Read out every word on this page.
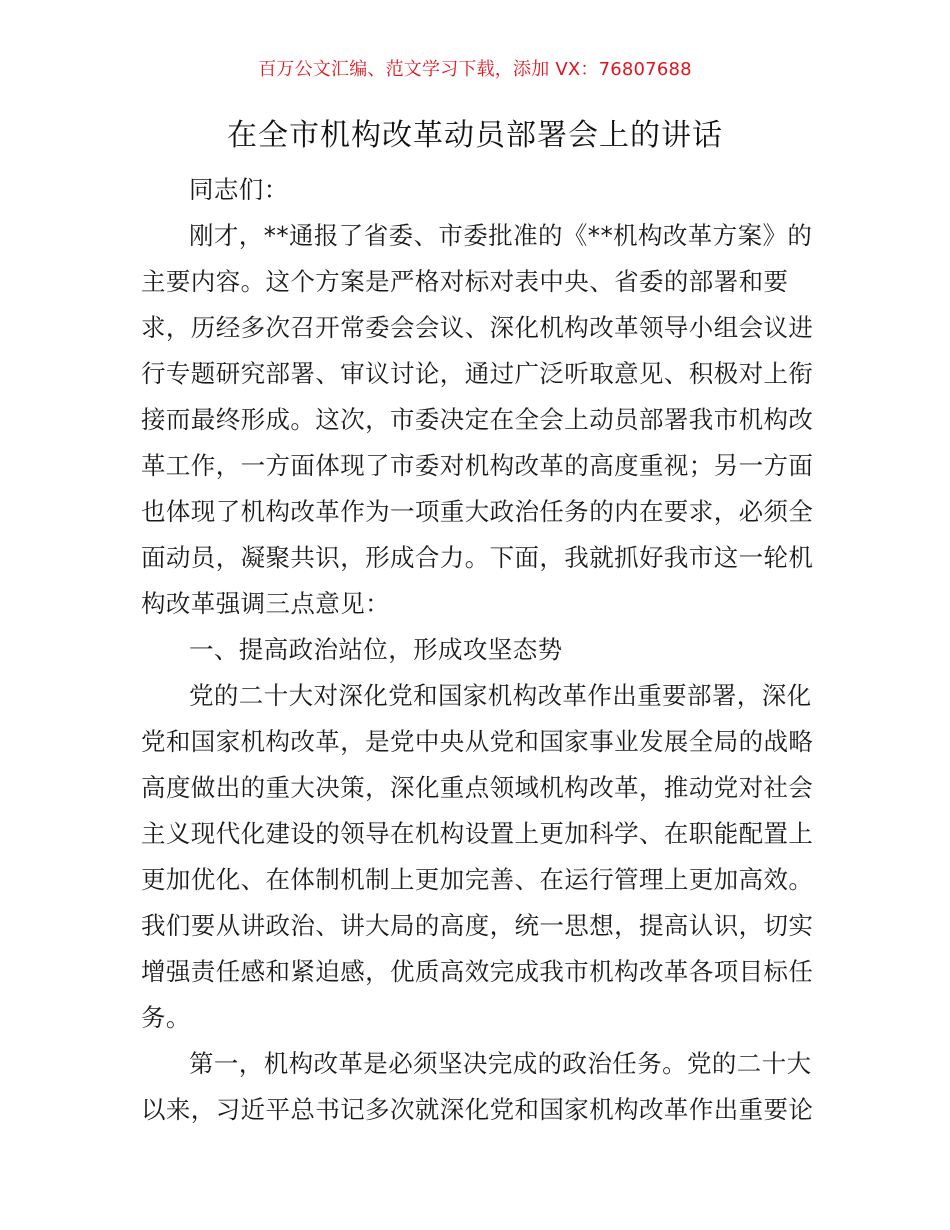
百万公文汇编、范文学习下载，添加 VX：76807688
在全市机构改革动员部署会上的讲话
同志们：
刚才，**通报了省委、市委批准的《**机构改革方案》的
主要内容。这个方案是严格对标对表中央、省委的部署和要
求，历经多次召开常委会会议、深化机构改革领导小组会议进
行专题研究部署、审议讨论，通过广泛听取意见、积极对上衔
接而最终形成。这次，市委决定在全会上动员部署我市机构改
革工作，一方面体现了市委对机构改革的高度重视；另一方面
也体现了机构改革作为一项重大政治任务的内在要求，必须全
面动员，凝聚共识，形成合力。下面，我就抓好我市这一轮机
构改革强调三点意见：
一、提高政治站位，形成攻坚态势
党的二十大对深化党和国家机构改革作出重要部署，深化
党和国家机构改革，是党中央从党和国家事业发展全局的战略
高度做出的重大决策，深化重点领域机构改革，推动党对社会
主义现代化建设的领导在机构设置上更加科学、在职能配置上
更加优化、在体制机制上更加完善、在运行管理上更加高效。
我们要从讲政治、讲大局的高度，统一思想，提高认识，切实
增强责任感和紧迫感，优质高效完成我市机构改革各项目标任
务。
第一，机构改革是必须坚决完成的政治任务。党的二十大
以来，习近平总书记多次就深化党和国家机构改革作出重要论
